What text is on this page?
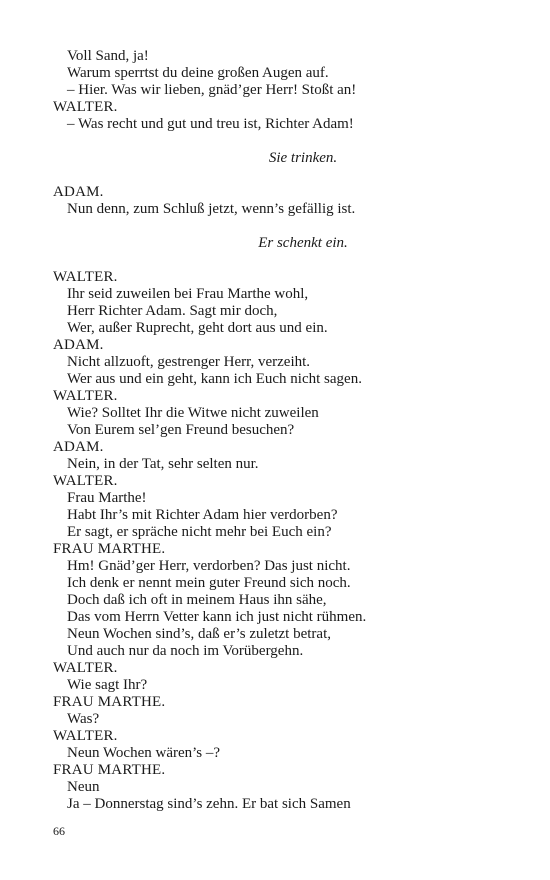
Voll Sand, ja!
Warum sperrtst du deine großen Augen auf.
– Hier. Was wir lieben, gnäd’ger Herr! Stoßt an!
WALTER.
– Was recht und gut und treu ist, Richter Adam!
Sie trinken.
ADAM.
Nun denn, zum Schluß jetzt, wenn’s gefällig ist.
Er schenkt ein.
WALTER.
Ihr seid zuweilen bei Frau Marthe wohl,
Herr Richter Adam. Sagt mir doch,
Wer, außer Ruprecht, geht dort aus und ein.
ADAM.
Nicht allzuoft, gestrenger Herr, verzeiht.
Wer aus und ein geht, kann ich Euch nicht sagen.
WALTER.
Wie? Solltet Ihr die Witwe nicht zuweilen
Von Eurem sel’gen Freund besuchen?
ADAM.
Nein, in der Tat, sehr selten nur.
WALTER.
Frau Marthe!
Habt Ihr’s mit Richter Adam hier verdorben?
Er sagt, er spräche nicht mehr bei Euch ein?
FRAU MARTHE.
Hm! Gnäd’ger Herr, verdorben? Das just nicht.
Ich denk er nennt mein guter Freund sich noch.
Doch daß ich oft in meinem Haus ihn sähe,
Das vom Herrn Vetter kann ich just nicht rühmen.
Neun Wochen sind’s, daß er’s zuletzt betrat,
Und auch nur da noch im Vorübergehn.
WALTER.
Wie sagt Ihr?
FRAU MARTHE.
Was?
WALTER.
Neun Wochen wären’s –?
FRAU MARTHE.
Neun
Ja – Donnerstag sind’s zehn. Er bat sich Samen
66
